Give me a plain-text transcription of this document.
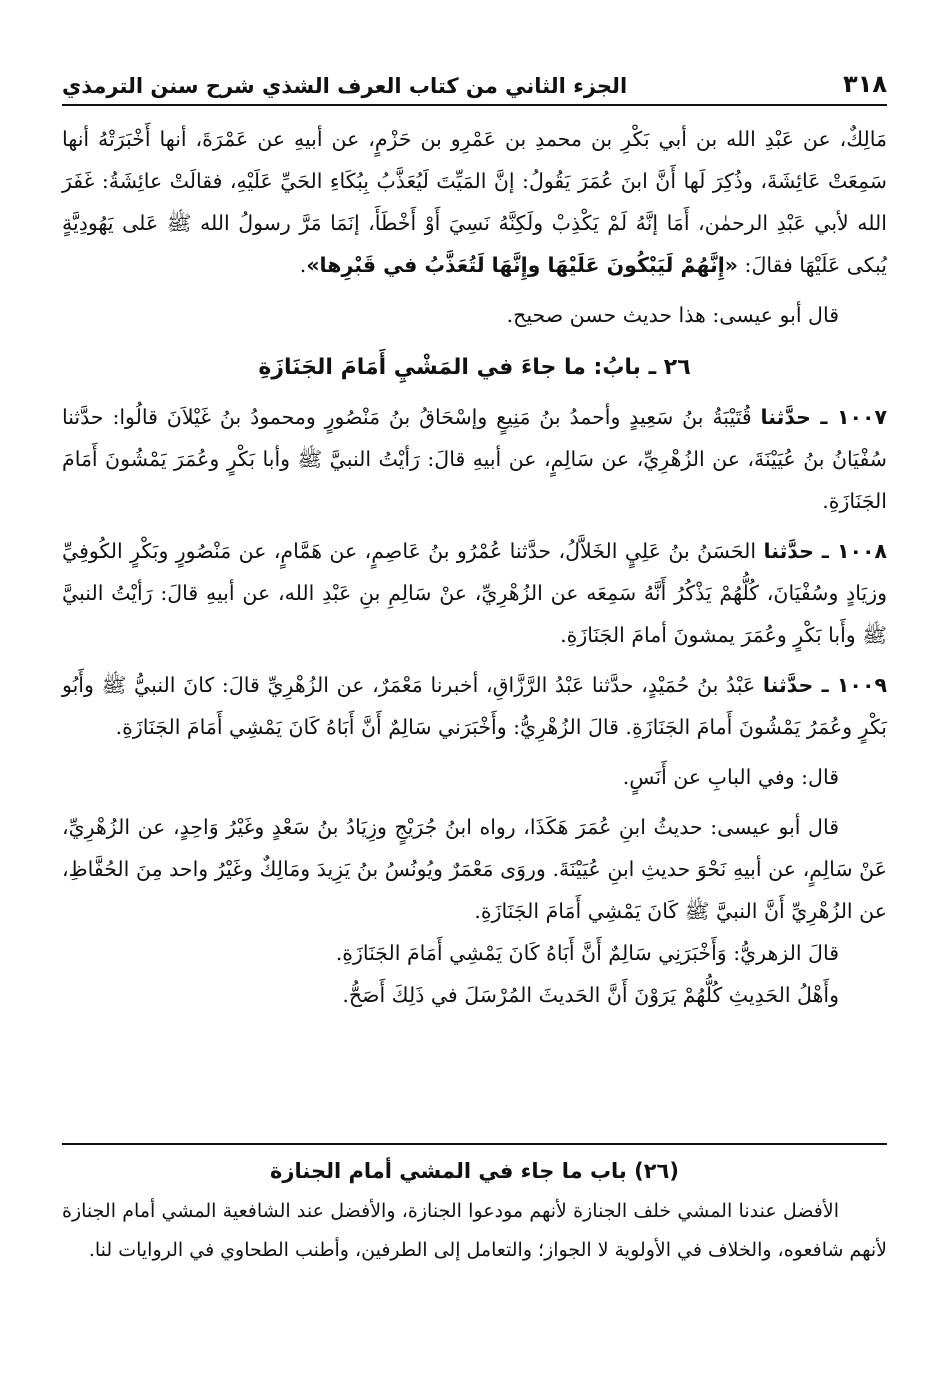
٣١٨
الجزء الثاني من كتاب العرف الشذي شرح سنن الترمذي

مَالِكٌ، عن عَبْدِ الله بن أبي بَكْرِ بن محمدِ بن عَمْرِو بن حَزْمٍ، عن أبيهِ عن عَمْرَةَ، أنها أَخْبَرَتْهُ أنها سَمِعَتْ عَائِشَةَ، وذُكِرَ لَها أَنَّ ابنَ عُمَرَ يَقُولُ: إنَّ المَيِّتَ لَيُعَذَّبُ بِبُكَاءِ الحَيِّ عَلَيْهِ، فقالَتْ عائِشَةُ: غَفَرَ الله لأبي عَبْدِ الرحمٰن، أَمَا إنَّهُ لَمْ يَكْذِبْ ولَكِنَّهُ نَسِيَ أَوْ أَخْطَأَ، إنَمَا مَرَّ رسولُ الله ﷺ عَلى يَهُودِيَّةٍ يُبكى عَلَيْهَا فقالَ: «إِنَّهُمْ لَيَبْكُونَ عَلَيْهَا وإِنَّهَا لَتُعَذَّبُ في قَبْرِها».

قال أبو عيسى: هذا حديث حسن صحيح.

٢٦ ـ بابُ: ما جاءَ في المَشْيِ أَمَامَ الجَنَازَةِ

١٠٠٧ ـ حدَّثنا قُتَيْبَةُ بنُ سَعِيدٍ وأحمدُ بنُ مَنِيعٍ وإسْحَاقُ بنُ مَنْصُورٍ ومحمودُ بنُ غَيْلاَنَ قالُوا: حدَّثنا سُفْيَانُ بنُ عُيَيْنَةَ، عن الزُهْرِيِّ، عن سَالِمٍ، عن أبيهِ قالَ: رَأيْتُ النبيَّ ﷺ وأبا بَكْرٍ وعُمَرَ يَمْشُونَ أَمَامَ الجَنَازَةِ.

١٠٠٨ ـ حدَّثنا الحَسَنُ بنُ عَلِيٍ الخَلاَّلُ، حدَّثنا عُمْرُو بنُ عَاصِمٍ، عن هَمَّامٍ، عن مَنْصُورٍ وبَكْرٍ الكُوفِيِّ وزيَادٍ وسُفْيَانَ، كُلُّهُمْ يَذْكُرُ أَنَّهُ سَمِعَه عن الزُهْرِيِّ، عنْ سَالِمِ بنِ عَبْدِ الله، عن أبيهِ قالَ: رَأيْتُ النبيَّ ﷺ وأَبا بَكْرٍ وعُمَرَ يمشونَ أمامَ الجَنَازَةِ.

١٠٠٩ ـ حدَّثنا عَبْدُ بنُ حُمَيْدٍ، حدَّثنا عَبْدُ الرَّزَّاقِ، أخبرنا مَعْمَرٌ، عن الزُهْرِيِّ قالَ: كانَ النبيُّ ﷺ وأَبُو بَكْرٍ وعُمَرُ يَمْشُونَ أَمامَ الجَنَازَةِ. قالَ الزُهْرِيُّ: وأَخْبَرَني سَالِمٌ أَنَّ أَبَاهُ كَانَ يَمْشِي أَمَامَ الجَنَازَةِ.

قال: وفي البابِ عن أَنَسٍ.

قال أبو عيسى: حديثُ ابنِ عُمَرَ هَكَذَا، رواه ابنُ جُرَيْجٍ وزِيَادُ بنُ سَعْدٍ وغَيْرُ وَاحِدٍ، عن الزُهْرِيِّ، عَنْ سَالِمٍ، عن أبيهِ نَحْوَ حديثِ ابنِ عُيَيْنَةَ. وروَى مَعْمَرٌ ويُونُسُ بنُ يَزِيدَ ومَالِكٌ وغَيْرُ واحد مِنَ الحُفَّاظِ، عن الزُهْرِيِّ أَنَّ النبيَّ ﷺ كَانَ يَمْشِي أَمَامَ الجَنَازَةِ.

قالَ الزهريُّ: وَأَخْبَرَنِي سَالِمٌ أَنَّ أَبَاهُ كَانَ يَمْشِي أَمَامَ الجَنَازَةِ.

وأَهْلُ الحَدِيثِ كُلُّهُمْ يَرَوْنَ أَنَّ الحَديثَ المُرْسَلَ في ذَلِكَ أَصَحُّ.

(٢٦) باب ما جاء في المشي أمام الجنازة

الأفضل عندنا المشي خلف الجنازة لأنهم مودعوا الجنازة، والأفضل عند الشافعية المشي أمام الجنازة لأنهم شافعوه، والخلاف في الأولوية لا الجواز؛ والتعامل إلى الطرفين، وأطنب الطحاوي في الروايات لنا.
